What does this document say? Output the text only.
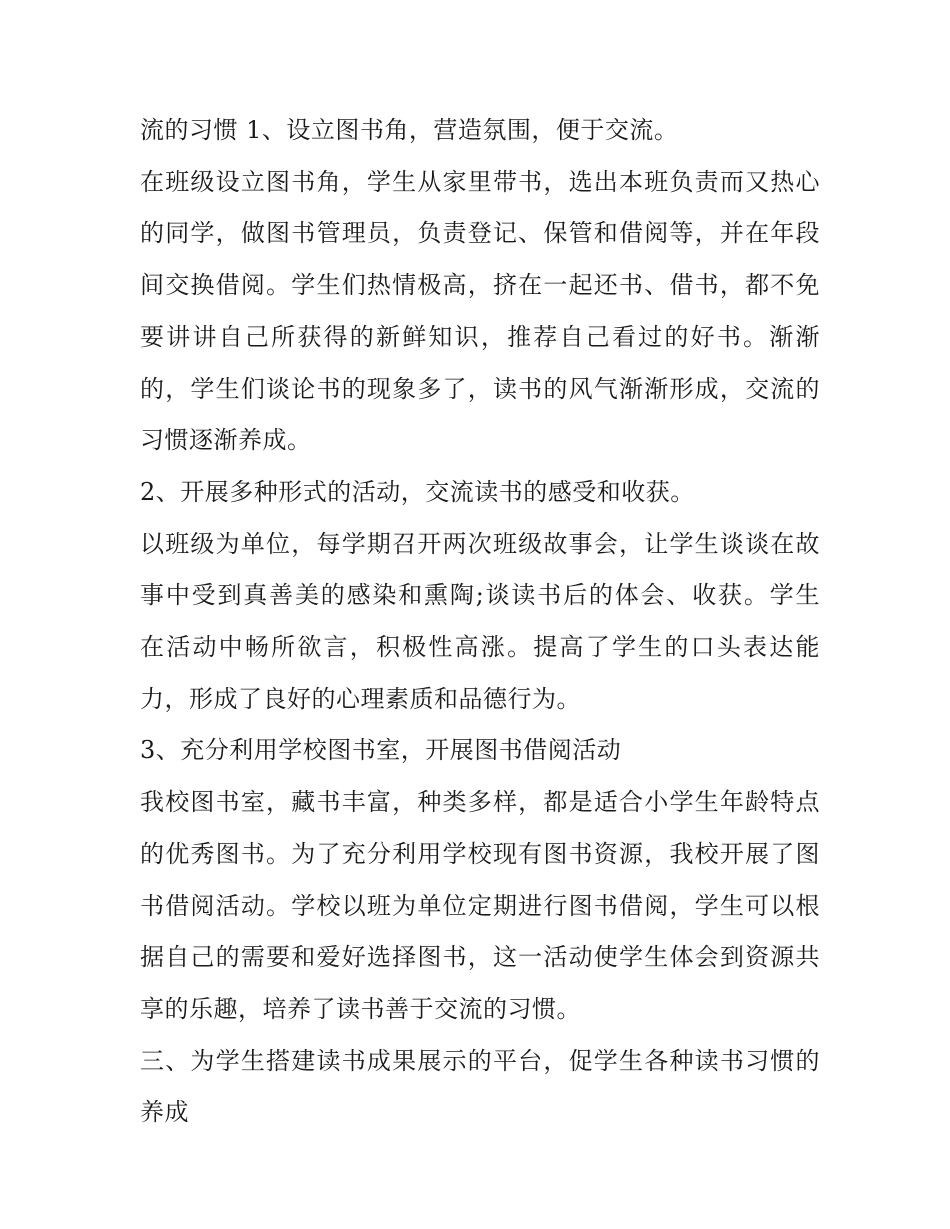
流的习惯 1、设立图书角，营造氛围，便于交流。

在班级设立图书角，学生从家里带书，选出本班负责而又热心
的同学，做图书管理员，负责登记、保管和借阅等，并在年段
间交换借阅。学生们热情极高，挤在一起还书、借书，都不免
要讲讲自己所获得的新鲜知识，推荐自己看过的好书。渐渐
的，学生们谈论书的现象多了，读书的风气渐渐形成，交流的
习惯逐渐养成。

2、开展多种形式的活动，交流读书的感受和收获。

以班级为单位，每学期召开两次班级故事会，让学生谈谈在故
事中受到真善美的感染和熏陶;谈读书后的体会、收获。学生
在活动中畅所欲言，积极性高涨。提高了学生的口头表达能
力，形成了良好的心理素质和品德行为。

3、充分利用学校图书室，开展图书借阅活动

我校图书室，藏书丰富，种类多样，都是适合小学生年龄特点
的优秀图书。为了充分利用学校现有图书资源，我校开展了图
书借阅活动。学校以班为单位定期进行图书借阅，学生可以根
据自己的需要和爱好选择图书，这一活动使学生体会到资源共
享的乐趣，培养了读书善于交流的习惯。

三、为学生搭建读书成果展示的平台，促学生各种读书习惯的
养成
